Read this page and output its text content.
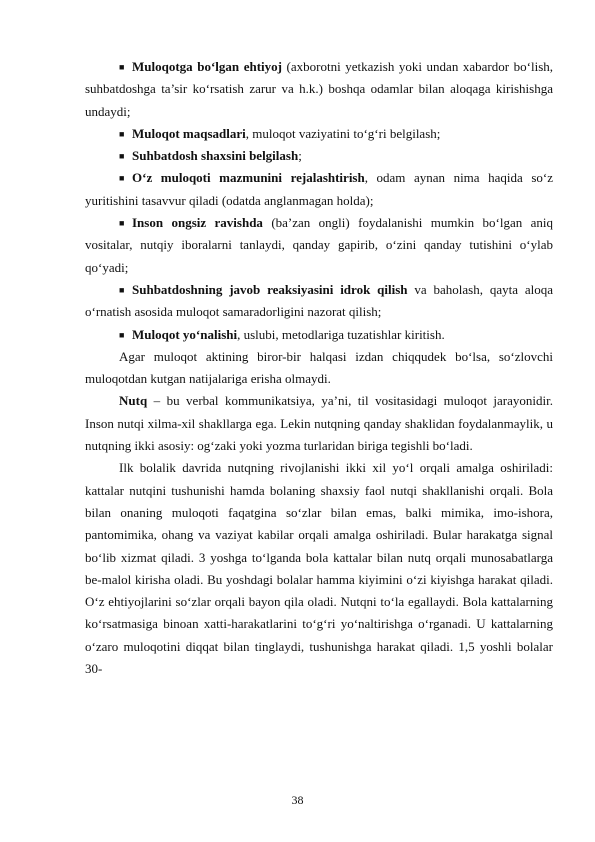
■ Muloqotga bo‘lgan ehtiyoj (axborotni yetkazish yoki undan xabardor bo‘lish, suhbatdoshga ta’sir ko‘rsatish zarur va h.k.) boshqa odamlar bilan aloqaga kirishishga undaydi;

■ Muloqot maqsadlari, muloqot vaziyatini to‘g‘ri belgilash;

■ Suhbatdosh shaxsini belgilash;

■ O‘z muloqoti mazmunini rejalashtirish, odam aynan nima haqida so‘z yuritishini tasavvur qiladi (odatda anglanmagan holda);

■ Inson ongsiz ravishda (ba’zan ongli) foydalanishi mumkin bo‘lgan aniq vositalar, nutqiy iboralarni tanlaydi, qanday gapirib, o‘zini qanday tutishini o‘ylab qo‘yadi;

■ Suhbatdoshning javob reaksiyasini idrok qilish va baholash, qayta aloqa o‘rnatish asosida muloqot samaradorligini nazorat qilish;

■ Muloqot yo‘nalishi, uslubi, metodlariga tuzatishlar kiritish.

Agar muloqot aktining biror-bir halqasi izdan chiqqudek bo‘lsa, so‘zlovchi muloqotdan kutgan natijalariga erisha olmaydi.

Nutq – bu verbal kommunikatsiya, ya’ni, til vositasidagi muloqot jarayonidir. Inson nutqi xilma-xil shakllarga ega. Lekin nutqning qanday shaklidan foydalanmaylik, u nutqning ikki asosiy: og‘zaki yoki yozma turlaridan biriga tegishli bo‘ladi.

Ilk bolalik davrida nutqning rivojlanishi ikki xil yo‘l orqali amalga oshiriladi: kattalar nutqini tushunishi hamda bolaning shaxsiy faol nutqi shakllanishi orqali. Bola bilan onaning muloqoti faqatgina so‘zlar bilan emas, balki mimika, imo-ishora, pantomimika, ohang va vaziyat kabilar orqali amalga oshiriladi. Bular harakatga signal bo‘lib xizmat qiladi. 3 yoshga to‘lganda bola kattalar bilan nutq orqali munosabatlarga be-malol kirisha oladi. Bu yoshdagi bolalar hamma kiyimini o‘zi kiyishga harakat qiladi. O‘z ehtiyojlarini so‘zlar orqali bayon qila oladi. Nutqni to‘la egallaydi. Bola kattalarning ko‘rsatmasiga binoan xatti-harakatlarini to‘g‘ri yo‘naltirishga o‘rganadi. U kattalarning o‘zaro muloqotini diqqat bilan tinglaydi, tushunishga harakat qiladi. 1,5 yoshli bolalar 30-

38
